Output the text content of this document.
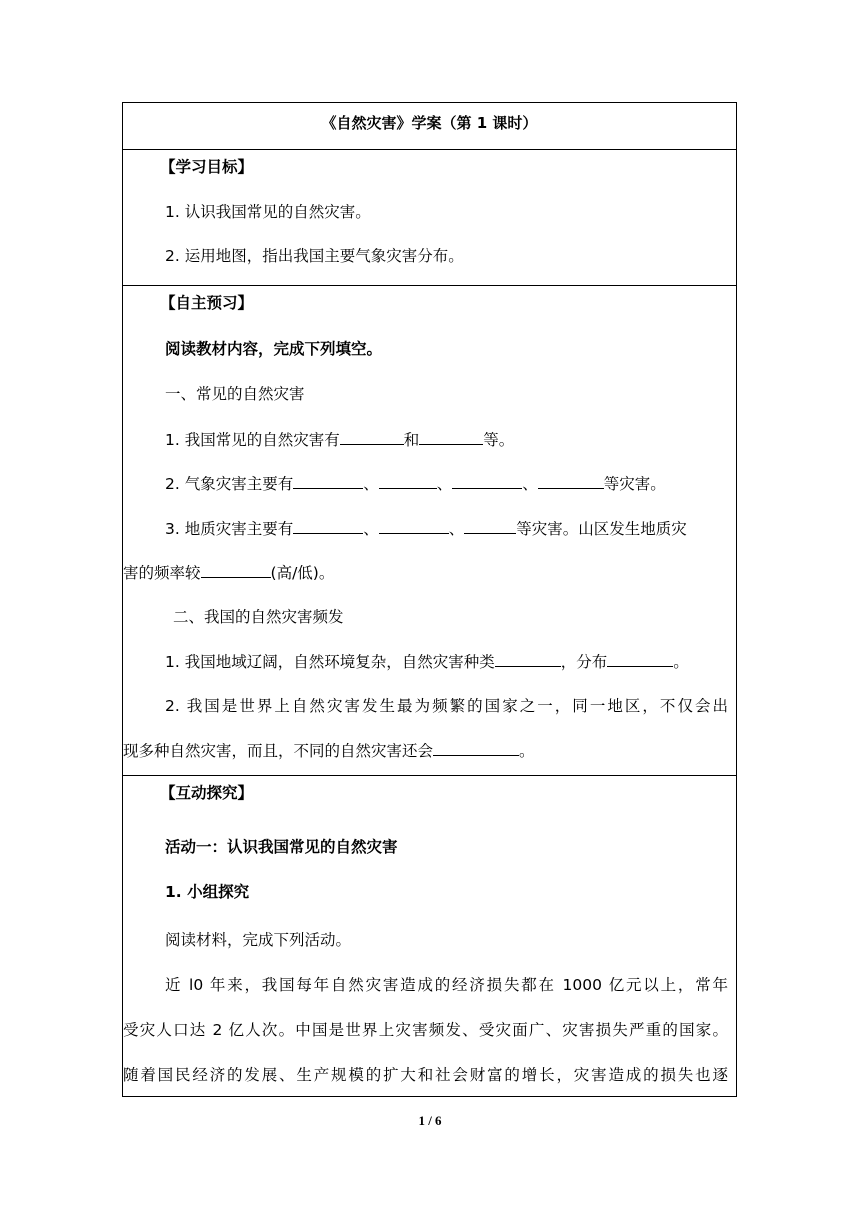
《自然灾害》学案（第 1 课时）
【学习目标】
1. 认识我国常见的自然灾害。
2. 运用地图，指出我国主要气象灾害分布。
【自主预习】
阅读教材内容，完成下列填空。
一、常见的自然灾害
1. 我国常见的自然灾害有	和	等。
2. 气象灾害主要有	、	、	、	等灾害。
3. 地质灾害主要有	、	、	等灾害。山区发生地质灾
害的频率较	(高/低)。
二、我国的自然灾害频发
1. 我国地域辽阔，自然环境复杂，自然灾害种类	，分布	。
2. 我国是世界上自然灾害发生最为频繁的国家之一，同一地区，不仅会出
现多种自然灾害，而且，不同的自然灾害还会	。
【互动探究】
活动一：认识我国常见的自然灾害
1. 小组探究
阅读材料，完成下列活动。
近 l0 年来，我国每年自然灾害造成的经济损失都在 1000 亿元以上，常年
受灾人口达 2 亿人次。中国是世界上灾害频发、受灾面广、灾害损失严重的国家。
随着国民经济的发展、生产规模的扩大和社会财富的增长，灾害造成的损失也逐
1 / 6
